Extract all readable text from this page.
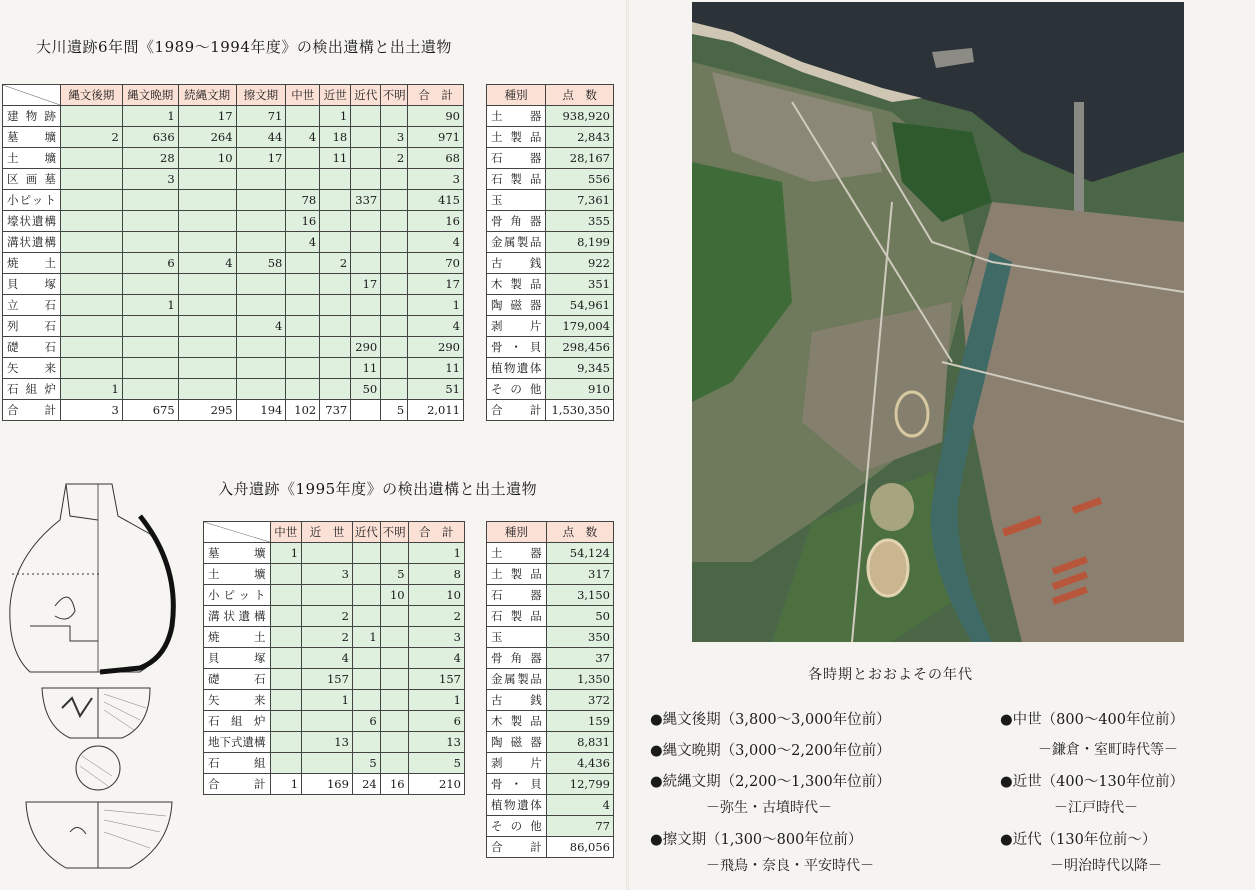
大川遺跡6年間《1989～1994年度》の検出遺構と出土遺物
入舟遺跡《1995年度》の検出遺構と出土遺物
	縄文後期	縄文晩期	続縄文期	擦文期	中世	近世	近代	不明	合　計
建物跡		1	17	71		1			90
墓壙	2	636	264	44	4	18		3	971
土壙		28	10	17		11		2	68
区画墓		3							3
小ピット					78		337		415
壕状遺構					16				16
溝状遺構					4				4
焼土		6	4	58		2			70
貝塚							17		17
立石		1							1
列石				4					4
礎石							290		290
矢来							11		11
石組炉	1						50		51
合　計	3	675	295	194	102	737		5	2,011
種別	点　数
土器	938,920
土製品	2,843
石器	28,167
石製品	556
玉	7,361
骨角器	355
金属製品	8,199
古銭	922
木製品	351
陶磁器	54,961
剥片	179,004
骨・貝	298,456
植物遺体	9,345
その他	910
合計	1,530,350
	中世	近　世	近代	不明	合　計
墓壙	1				1
土壙		3		5	8
小ピット				10	10
溝状遺構		2			2
焼土		2	1		3
貝塚		4			4
礎石		157			157
矢来		1			1
石組炉			6		6
地下式遺構		13			13
石組			5		5
合　計	1	169	24	16	210
種別	点　数
土器	54,124
土製品	317
石器	3,150
石製品	50
玉	350
骨角器	37
金属製品	1,350
古銭	372
木製品	159
陶磁器	8,831
剥片	4,436
骨・貝	12,799
植物遺体	4
その他	77
合計	86,056
各時期とおおよその年代
●縄文後期（3,800～3,000年位前）
●縄文晩期（3,000～2,200年位前）
●続縄文期（2,200～1,300年位前）
－弥生・古墳時代－
●擦文期（1,300～800年位前）
－飛鳥・奈良・平安時代－
●中世（800～400年位前）
－鎌倉・室町時代等－
●近世（400～130年位前）
－江戸時代－
●近代（130年位前～）
－明治時代以降－
